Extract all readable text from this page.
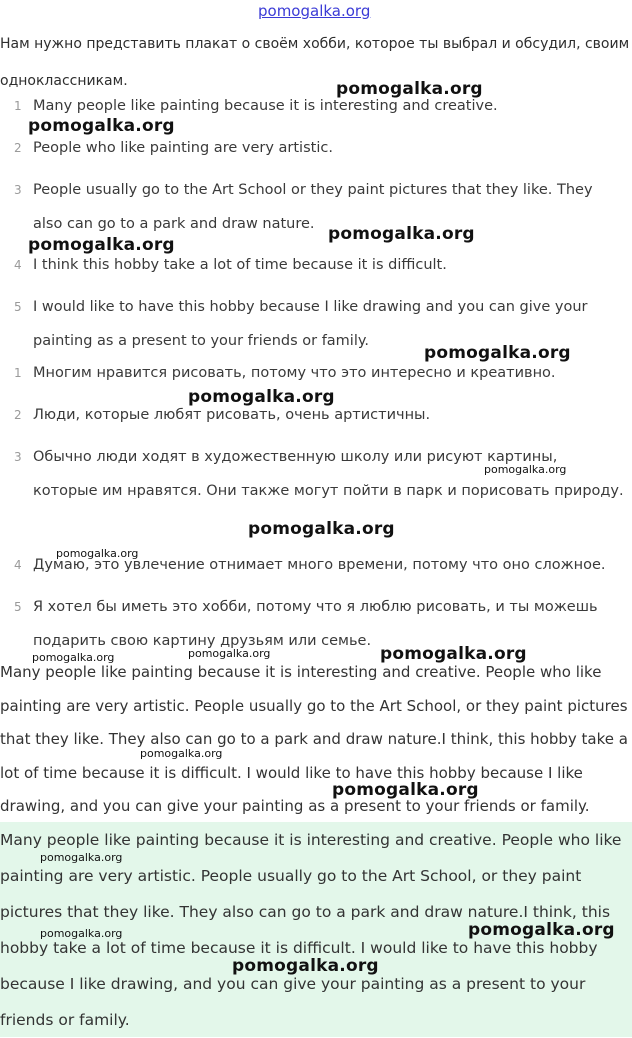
pomogalka.org
Нам нужно представить плакат о своём хобби, которое ты выбрал и обсудил, своим одноклассникам.
1 Many people like painting because it is interesting and creative.
2 People who like painting are very artistic.
3 People usually go to the Art School or they paint pictures that they like. They also can go to a park and draw nature.
4 I think this hobby take a lot of time because it is difficult.
5 I would like to have this hobby because I like drawing and you can give your painting as a present to your friends or family.
1 Многим нравится рисовать, потому что это интересно и креативно.
2 Люди, которые любят рисовать, очень артистичны.
3 Обычно люди ходят в художественную школу или рисуют картины, которые им нравятся. Они также могут пойти в парк и порисовать природу.
4 Думаю, это увлечение отнимает много времени, потому что оно сложное.
5 Я хотел бы иметь это хобби, потому что я люблю рисовать, и ты можешь подарить свою картину друзьям или семье.
Many people like painting because it is interesting and creative. People who like painting are very artistic. People usually go to the Art School, or they paint pictures that they like. They also can go to a park and draw nature.I think, this hobby take a lot of time because it is difficult. I would like to have this hobby because I like drawing, and you can give your painting as a present to your friends or family.
Many people like painting because it is interesting and creative. People who like painting are very artistic. People usually go to the Art School, or they paint pictures that they like. They also can go to a park and draw nature.I think, this hobby take a lot of time because it is difficult. I would like to have this hobby because I like drawing, and you can give your painting as a present to your friends or family.
pomogalka.org
pomogalka.org
pomogalka.org
pomogalka.org
pomogalka.org
pomogalka.org
pomogalka.org
pomogalka.org
pomogalka.org
pomogalka.org
pomogalka.org	pomogalka.org
pomogalka.org
pomogalka.org
pomogalka.org
pomogalka.org	pomogalka.org
pomogalka.org
